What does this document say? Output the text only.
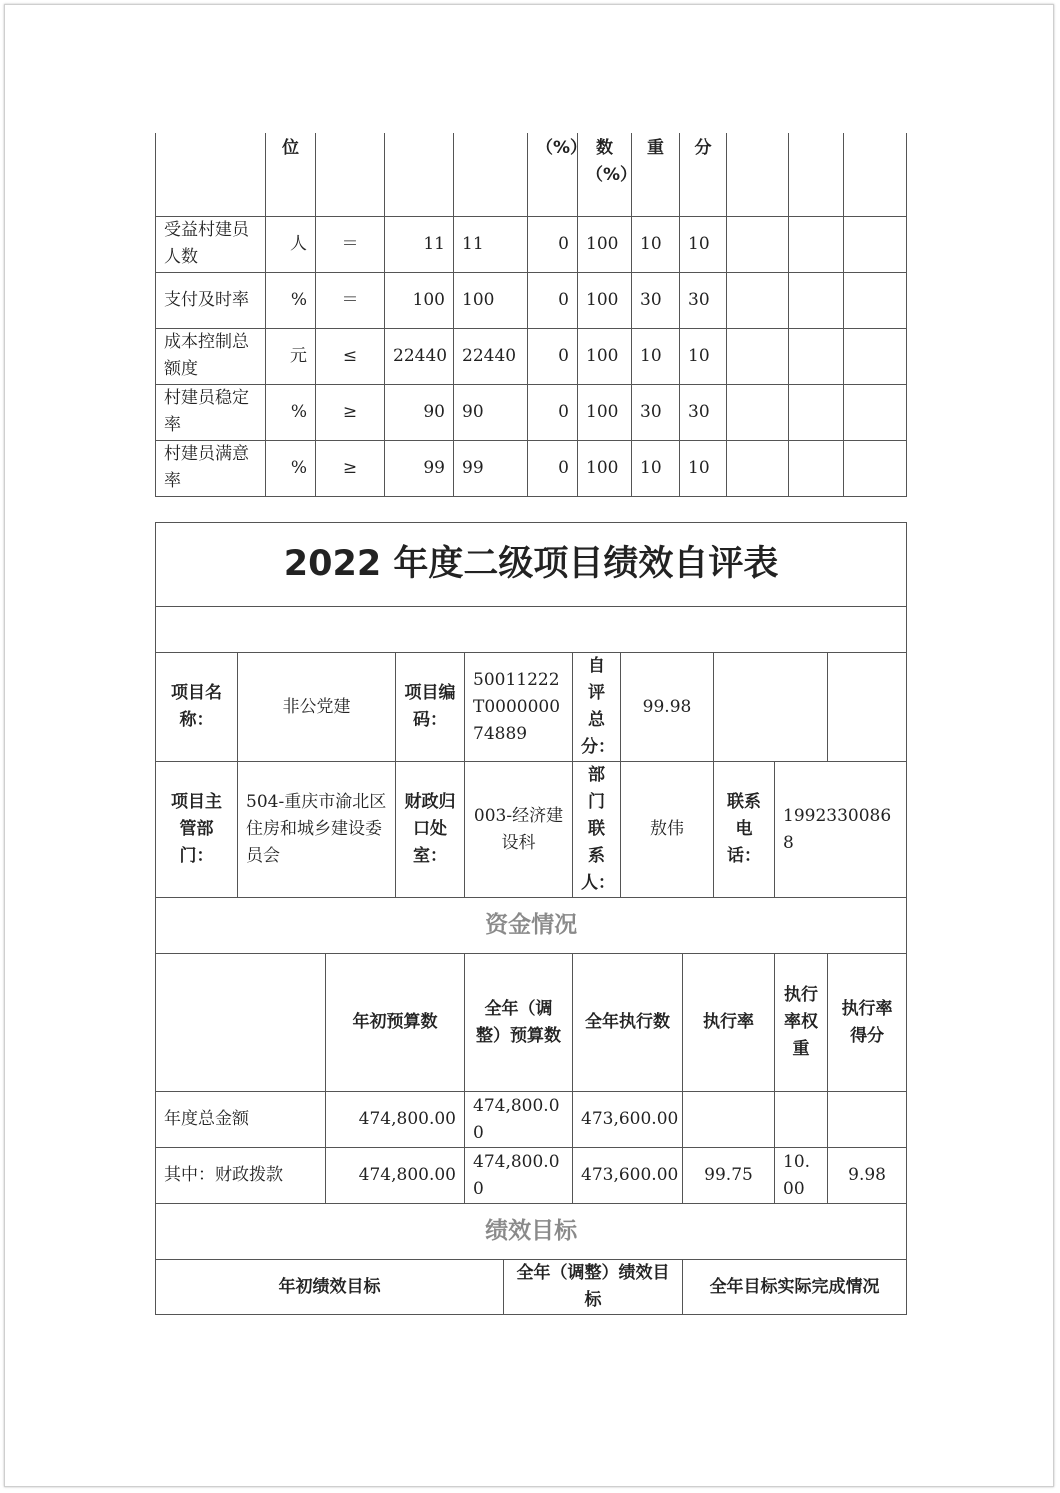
	位				（%）	数（%）	重	分			
受益村建员人数	人	＝	11	11	0	100	10	10			
支付及时率	%	＝	100	100	0	100	30	30			
成本控制总额度	元	≤	22440	22440	0	100	10	10			
村建员稳定率	%	≥	90	90	0	100	30	30			
村建员满意率	%	≥	99	99	0	100	10	10			
2022 年度二级项目绩效自评表											

项目名称：	非公党建		项目编码：	50011222T000000074889		自评总分：	99.98				
项目主管部门：	504-重庆市渝北区住房和城乡建设委员会		财政归口处室：	003-经济建设科		部门联系人：	敖伟		联系电话：	19923300868	
资金情况											
		年初预算数		全年（调整）预算数		全年执行数		执行率		执行率权重	执行率得分
年度总金额		474,800.00		474,800.00		473,600.00					
其中：财政拨款		474,800.00		474,800.00		473,600.00		99.75		10.00	9.98
绩效目标											
年初绩效目标					全年（调整）绩效目标			全年目标实际完成情况			
